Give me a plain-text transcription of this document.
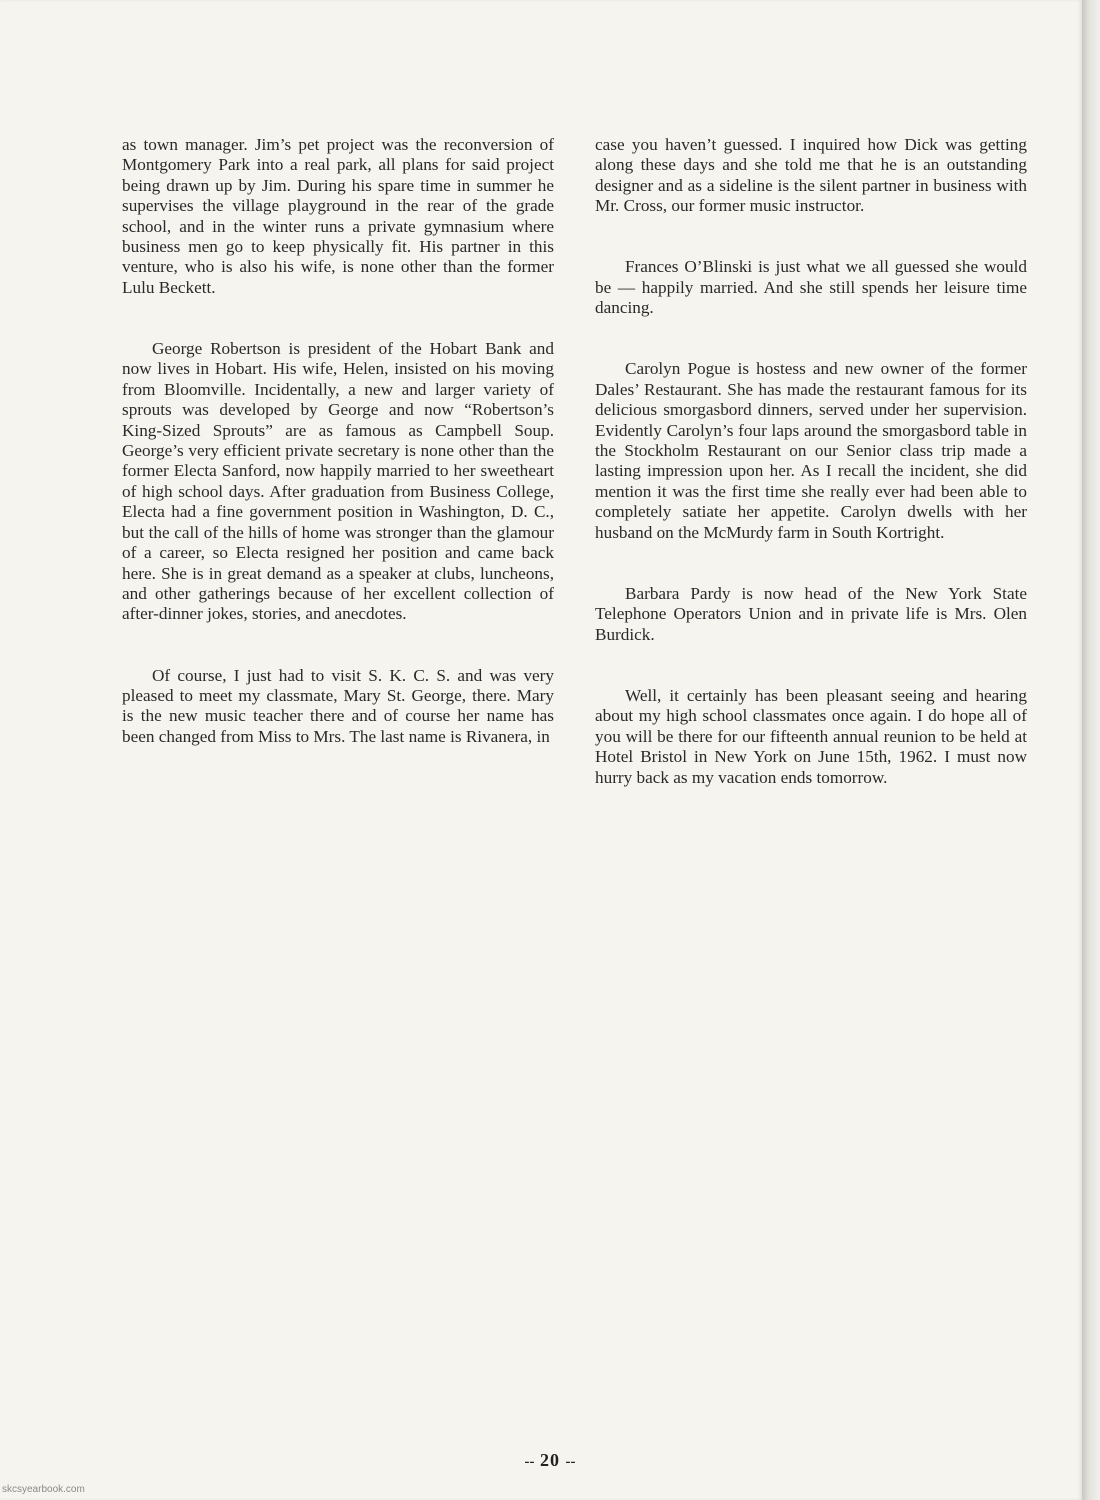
as town manager. Jim’s pet project was the reconversion of Montgomery Park into a real park, all plans for said project being drawn up by Jim. During his spare time in summer he supervises the village playground in the rear of the grade school, and in the winter runs a private gymnasium where business men go to keep physically fit. His partner in this venture, who is also his wife, is none other than the former Lulu Beckett.

George Robertson is president of the Hobart Bank and now lives in Hobart. His wife, Helen, insisted on his moving from Bloomville. Incidentally, a new and larger variety of sprouts was developed by George and now “Robertson’s King-Sized Sprouts” are as famous as Campbell Soup. George’s very efficient private secretary is none other than the former Electa Sanford, now happily married to her sweetheart of high school days. After graduation from Business College, Electa had a fine government position in Washington, D. C., but the call of the hills of home was stronger than the glamour of a career, so Electa resigned her position and came back here. She is in great demand as a speaker at clubs, luncheons, and other gatherings because of her excellent collection of after-dinner jokes, stories, and anecdotes.

Of course, I just had to visit S. K. C. S. and was very pleased to meet my classmate, Mary St. George, there. Mary is the new music teacher there and of course her name has been changed from Miss to Mrs. The last name is Rivanera, in

case you haven’t guessed. I inquired how Dick was getting along these days and she told me that he is an outstanding designer and as a sideline is the silent partner in business with Mr. Cross, our former music instructor.

Frances O’Blinski is just what we all guessed she would be — happily married. And she still spends her leisure time dancing.

Carolyn Pogue is hostess and new owner of the former Dales’ Restaurant. She has made the restaurant famous for its delicious smorgasbord dinners, served under her supervision. Evidently Carolyn’s four laps around the smorgasbord table in the Stockholm Restaurant on our Senior class trip made a lasting impression upon her. As I recall the incident, she did mention it was the first time she really ever had been able to completely satiate her appetite. Carolyn dwells with her husband on the McMurdy farm in South Kortright.

Barbara Pardy is now head of the New York State Telephone Operators Union and in private life is Mrs. Olen Burdick.

Well, it certainly has been pleasant seeing and hearing about my high school classmates once again. I do hope all of you will be there for our fifteenth annual reunion to be held at Hotel Bristol in New York on June 15th, 1962. I must now hurry back as my vacation ends tomorrow.

-- 20 --
skcsyearbook.com
